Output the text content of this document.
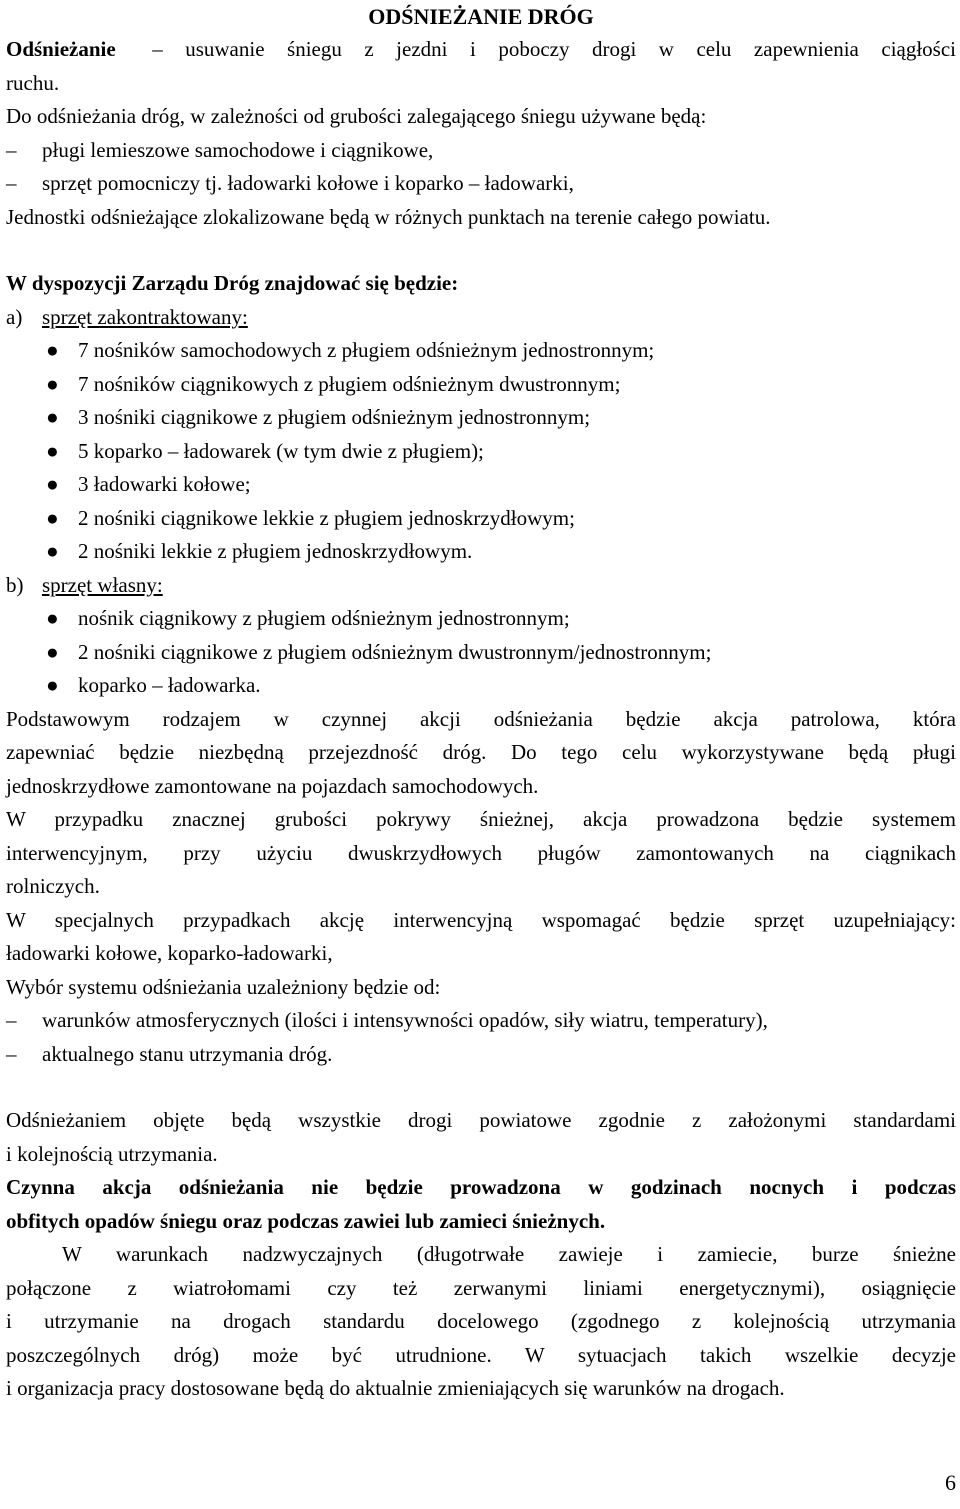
ODŚNIEŻANIE DRÓG

Odśnieżanie – usuwanie śniegu z jezdni i poboczy drogi w celu zapewnienia ciągłości

ruchu.

Do odśnieżania dróg, w zależności od grubości zalegającego śniegu używane będą:

–	pługi lemieszowe samochodowe i ciągnikowe,

–	sprzęt pomocniczy tj. ładowarki kołowe i koparko – ładowarki,

Jednostki odśnieżające zlokalizowane będą w różnych punktach na terenie całego powiatu.

W dyspozycji Zarządu Dróg znajdować się będzie:

a) sprzęt zakontraktowany:

● 7 nośników samochodowych z pługiem odśnieżnym jednostronnym;

● 7 nośników ciągnikowych z pługiem odśnieżnym dwustronnym;

● 3 nośniki ciągnikowe z pługiem odśnieżnym jednostronnym;

● 5 koparko – ładowarek (w tym dwie z pługiem);

● 3 ładowarki kołowe;

● 2 nośniki ciągnikowe lekkie z pługiem jednoskrzydłowym;

● 2 nośniki lekkie z pługiem jednoskrzydłowym.

b) sprzęt własny:

● nośnik ciągnikowy z pługiem odśnieżnym jednostronnym;

● 2 nośniki ciągnikowe z pługiem odśnieżnym dwustronnym/jednostronnym;

● koparko – ładowarka.

Podstawowym rodzajem w czynnej akcji odśnieżania będzie akcja patrolowa, która

zapewniać będzie niezbędną przejezdność dróg. Do tego celu wykorzystywane będą pługi

jednoskrzydłowe zamontowane na pojazdach samochodowych.

W przypadku znacznej grubości pokrywy śnieżnej, akcja prowadzona będzie systemem

interwencyjnym, przy użyciu dwuskrzydłowych pługów zamontowanych na ciągnikach

rolniczych.

W specjalnych przypadkach akcję interwencyjną wspomagać będzie sprzęt uzupełniający:

ładowarki kołowe, koparko-ładowarki,

Wybór systemu odśnieżania uzależniony będzie od:

–	warunków atmosferycznych (ilości i intensywności opadów, siły wiatru, temperatury),

–	aktualnego stanu utrzymania dróg.

Odśnieżaniem objęte będą wszystkie drogi powiatowe zgodnie z założonymi standardami

i kolejnością utrzymania.

Czynna akcja odśnieżania nie będzie prowadzona w godzinach nocnych i podczas

obfitych opadów śniegu oraz podczas zawiei lub zamieci śnieżnych.

W warunkach nadzwyczajnych (długotrwałe zawieje i zamiecie, burze śnieżne

połączone z wiatrołomami czy też zerwanymi liniami energetycznymi), osiągnięcie

i utrzymanie na drogach standardu docelowego (zgodnego z kolejnością utrzymania

poszczególnych dróg) może być utrudnione. W sytuacjach takich wszelkie decyzje

i organizacja pracy dostosowane będą do aktualnie zmieniających się warunków na drogach.

6
